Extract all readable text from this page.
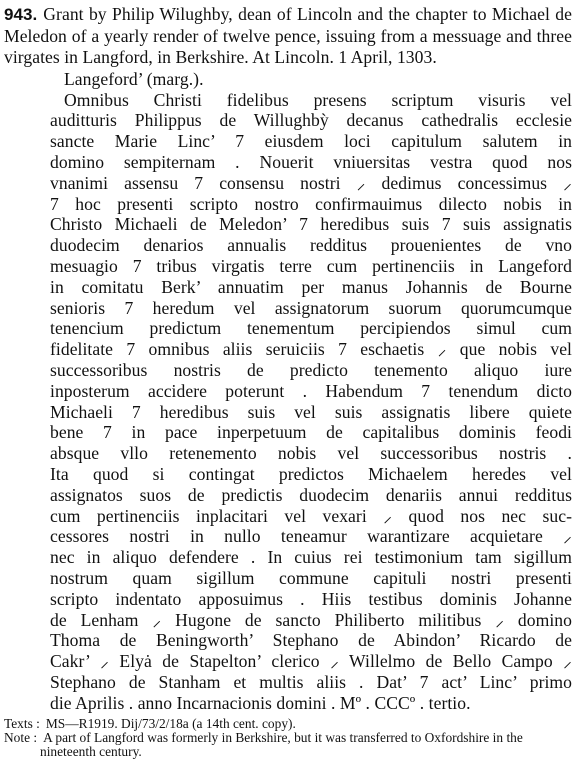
943. Grant by Philip Wilughby, dean of Lincoln and the chapter to Michael de Meledon of a yearly render of twelve pence, issuing from a messuage and three virgates in Langford, in Berkshire. At Lincoln. 1 April, 1303.
Langeford’ (marg.).
Omnibus Christi fidelibus presens scriptum visuris vel
auditturis Philippus de Willughbỳ decanus cathedralis ecclesie
sancte Marie Linc’ 7 eiusdem loci capitulum salutem in
domino sempiternam . Nouerit vniuersitas vestra quod nos
vnanimi assensu 7 consensu nostri ⸝ dedimus concessimus ⸝
7 hoc presenti scripto nostro confirmauimus dilecto nobis in
Christo Michaeli de Meledon’ 7 heredibus suis 7 suis assignatis
duodecim denarios annualis redditus prouenientes de vno
mesuagio 7 tribus virgatis terre cum pertinenciis in Langeford
in comitatu Berk’ annuatim per manus Johannis de Bourne
senioris 7 heredum vel assignatorum suorum quorumcumque
tenencium predictum tenementum percipiendos simul cum
fidelitate 7 omnibus aliis seruiciis 7 eschaetis ⸝ que nobis vel
successoribus nostris de predicto tenemento aliquo iure
inposterum accidere poterunt . Habendum 7 tenendum dicto
Michaeli 7 heredibus suis vel suis assignatis libere quiete
bene 7 in pace inperpetuum de capitalibus dominis feodi
absque vllo retenemento nobis vel successoribus nostris .
Ita quod si contingat predictos Michaelem heredes vel
assignatos suos de predictis duodecim denariis annui redditus
cum pertinenciis inplacitari vel vexari ⸝ quod nos nec suc-
cessores nostri in nullo teneamur warantizare acquietare ⸝
nec in aliquo defendere . In cuius rei testimonium tam sigillum
nostrum quam sigillum commune capituli nostri presenti
scripto indentato apposuimus . Hiis testibus dominis Johanne
de Lenham ⸝ Hugone de sancto Philiberto militibus ⸝ domino
Thoma de Beningworth’ Stephano de Abindon’ Ricardo de
Cakr’ ⸝ Elyȧ de Stapelton’ clerico ⸝ Willelmo de Bello Campo ⸝
Stephano de Stanham et multis aliis . Dat’ 7 act’ Linc’ primo
die Aprilis . anno Incarnacionis domini . Mº . CCCº . tertio.
Texts : MS—R1919. Dij/73/2/18a (a 14th cent. copy).
Note : A part of Langford was formerly in Berkshire, but it was transferred to Oxfordshire in the nineteenth century.
